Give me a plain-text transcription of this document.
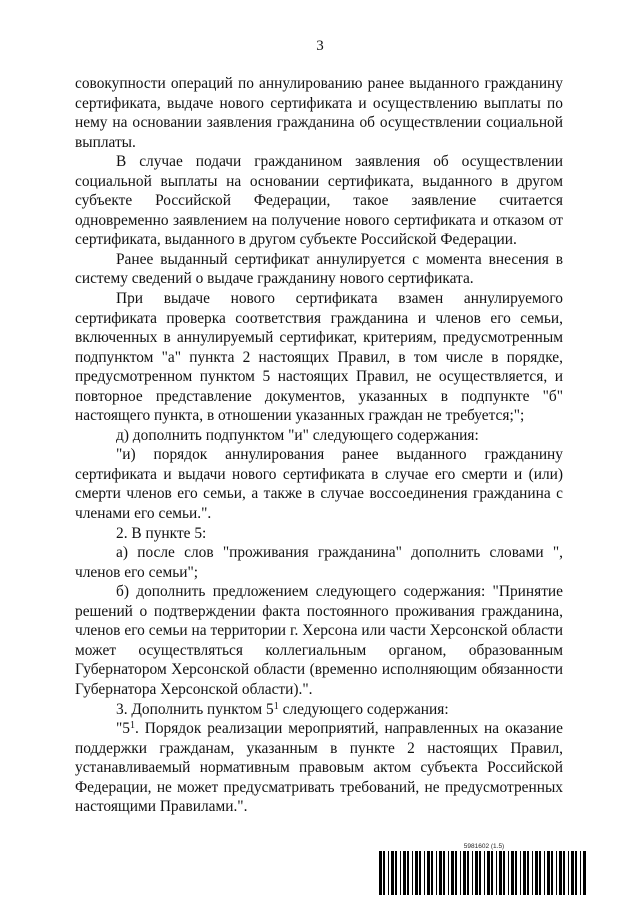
3

совокупности операций по аннулированию ранее выданного гражданину сертификата, выдаче нового сертификата и осуществлению выплаты по нему на основании заявления гражданина об осуществлении социальной выплаты.

В случае подачи гражданином заявления об осуществлении социальной выплаты на основании сертификата, выданного в другом субъекте Российской Федерации, такое заявление считается одновременно заявлением на получение нового сертификата и отказом от сертификата, выданного в другом субъекте Российской Федерации.

Ранее выданный сертификат аннулируется с момента внесения в систему сведений о выдаче гражданину нового сертификата.

При выдаче нового сертификата взамен аннулируемого сертификата проверка соответствия гражданина и членов его семьи, включенных в аннулируемый сертификат, критериям, предусмотренным подпунктом "а" пункта 2 настоящих Правил, в том числе в порядке, предусмотренном пунктом 5 настоящих Правил, не осуществляется, и повторное представление документов, указанных в подпункте "б" настоящего пункта, в отношении указанных граждан не требуется;";

д) дополнить подпунктом "и" следующего содержания:

"и) порядок аннулирования ранее выданного гражданину сертификата и выдачи нового сертификата в случае его смерти и (или) смерти членов его семьи, а также в случае воссоединения гражданина с членами его семьи.".

2. В пункте 5:

а) после слов "проживания гражданина" дополнить словами ", членов его семьи";

б) дополнить предложением следующего содержания: "Принятие решений о подтверждении факта постоянного проживания гражданина, членов его семьи на территории г. Херсона или части Херсонской области может осуществляться коллегиальным органом, образованным Губернатором Херсонской области (временно исполняющим обязанности Губернатора Херсонской области).".

3. Дополнить пунктом $5^1$ следующего содержания:

"$5^1$. Порядок реализации мероприятий, направленных на оказание поддержки гражданам, указанным в пункте 2 настоящих Правил, устанавливаемый нормативным правовым актом субъекта Российской Федерации, не может предусматривать требований, не предусмотренных настоящими Правилами.".

5981602 (1.5)
